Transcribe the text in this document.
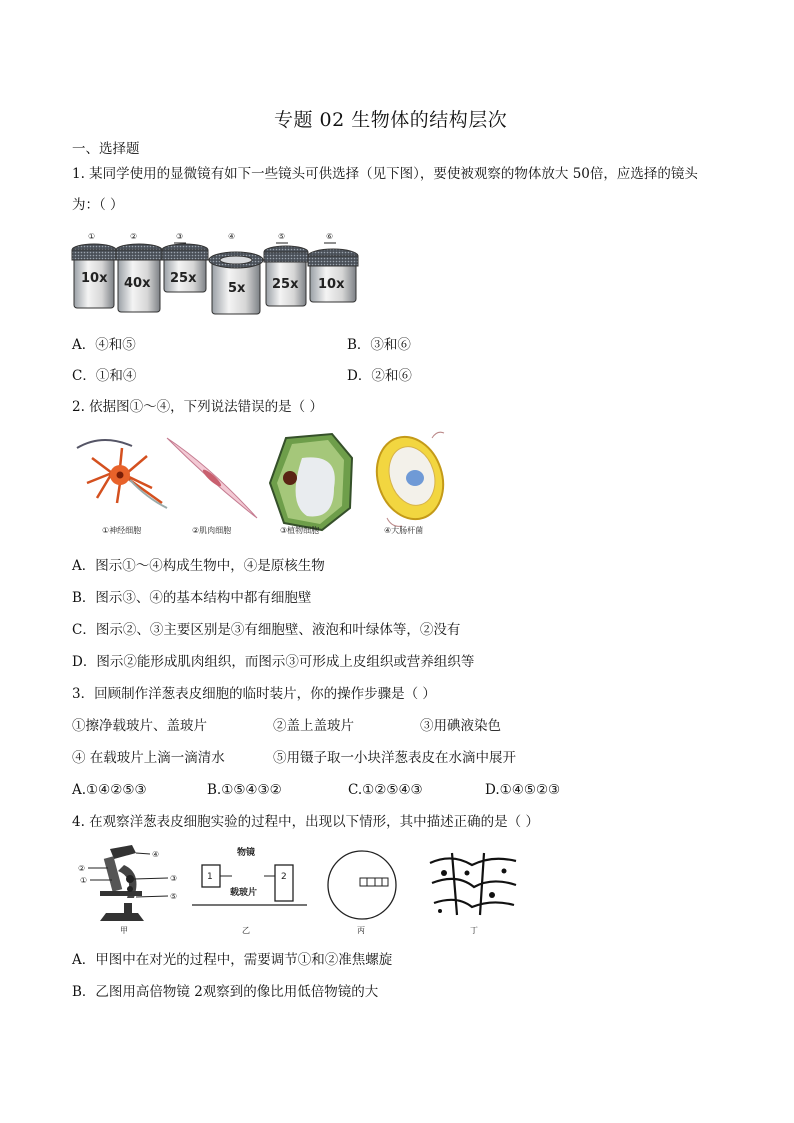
专题 02 生物体的结构层次
一、选择题
1. 某同学使用的显微镜有如下一些镜头可供选择（见下图），要使被观察的物体放大 50倍，应选择的镜头
为：（ ）
①
10x
②
40x
③
25x
④
5x
⑤
25x
⑥
10x
A．④和⑤	B．③和⑥
C．①和④	D．②和⑥
2. 依据图①～④，下列说法错误的是（ ）
①神经细胞	②肌肉细胞	③植物细胞	④大肠杆菌
A．图示①～④构成生物中，④是原核生物
B．图示③、④的基本结构中都有细胞壁
C．图示②、③主要区别是③有细胞壁、液泡和叶绿体等，②没有
D．图示②能形成肌肉组织，而图示③可形成上皮组织或营养组织等
3．回顾制作洋葱表皮细胞的临时装片，你的操作步骤是（ ）
①擦净载玻片、盖玻片	②盖上盖玻片	③用碘液染色
④ 在载玻片上滴一滴清水	⑤用镊子取一小块洋葱表皮在水滴中展开
A.①④②⑤③	B.①⑤④③②	C.①②⑤④③	D.①④⑤②③
4. 在观察洋葱表皮细胞实验的过程中，出现以下情形，其中描述正确的是（ ）
②
①
④
③
⑤
甲
物镜
1	2
载玻片
乙	丙	丁
A．甲图中在对光的过程中，需要调节①和②准焦螺旋
B．乙图用高倍物镜 2观察到的像比用低倍物镜的大
